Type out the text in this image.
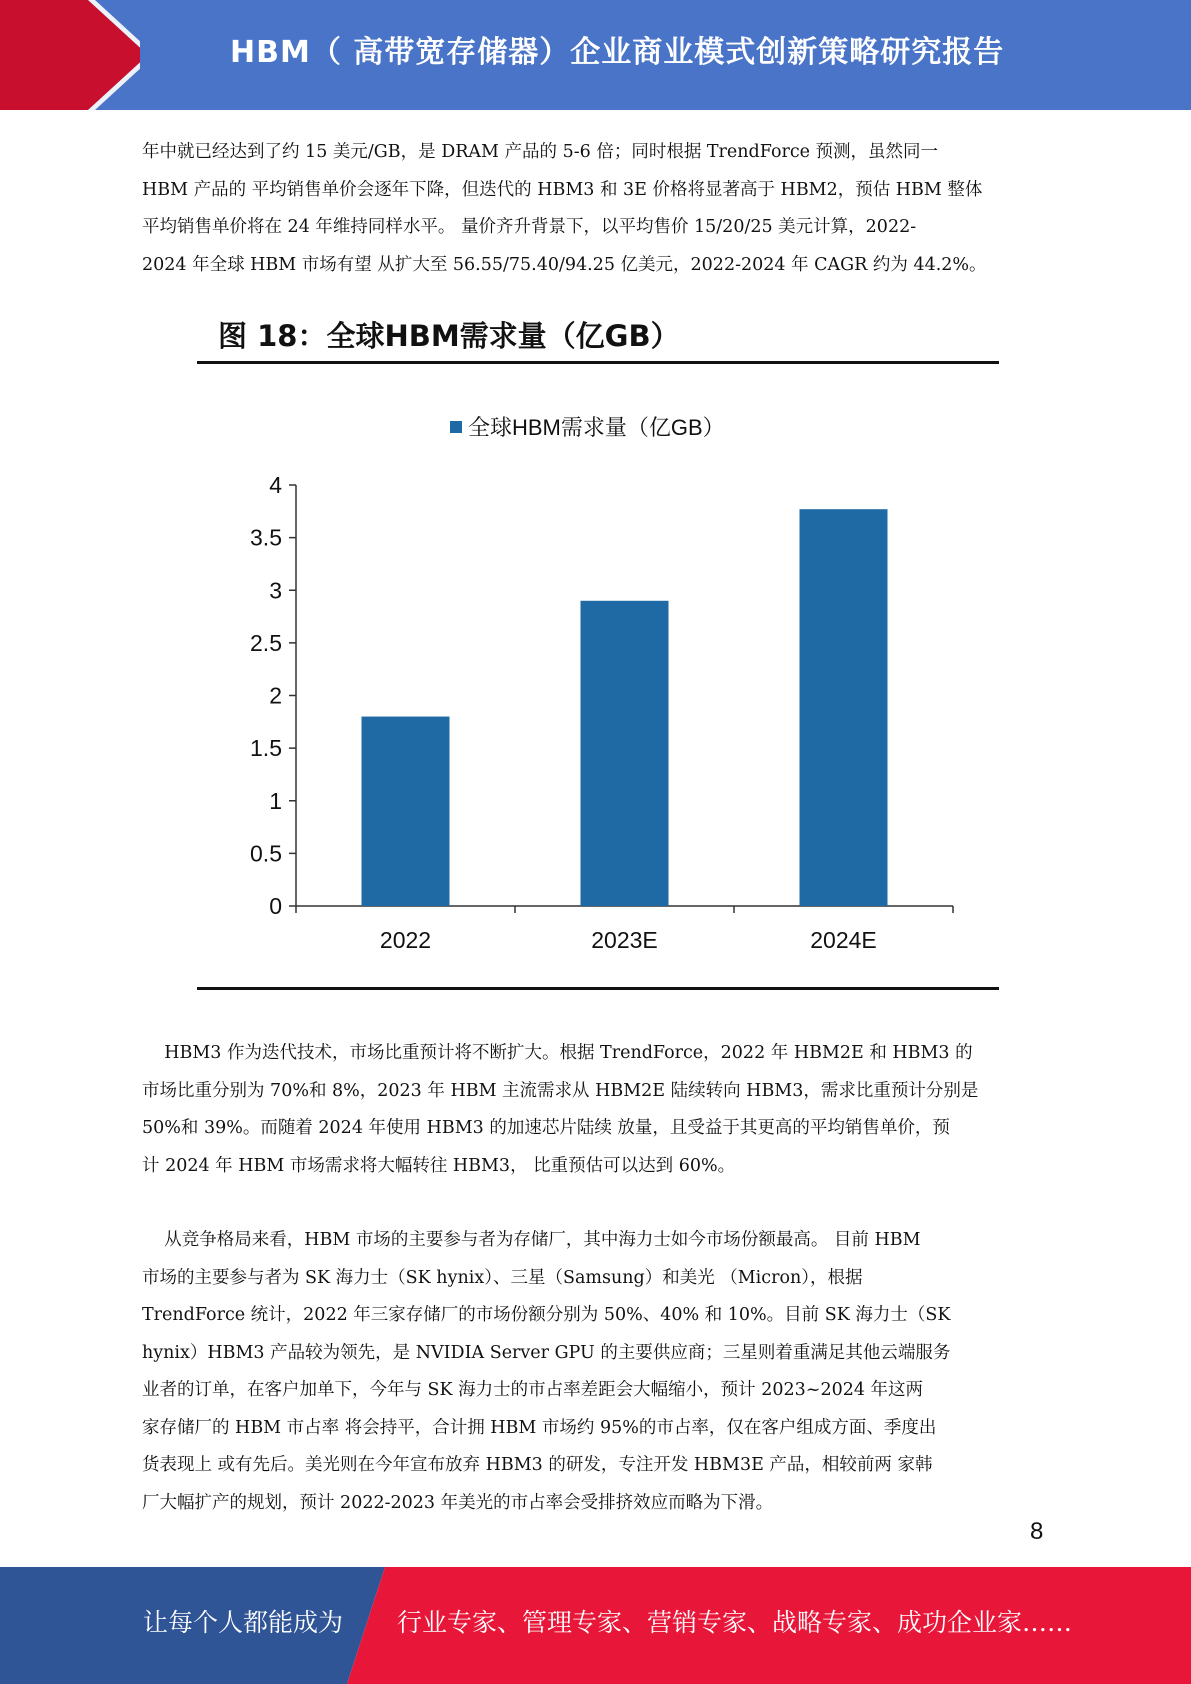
HBM（ 高带宽存储器）企业商业模式创新策略研究报告
年中就已经达到了约 15 美元/GB，是 DRAM 产品的 5-6 倍；同时根据 TrendForce 预测，虽然同一
HBM 产品的 平均销售单价会逐年下降，但迭代的 HBM3 和 3E 价格将显著高于 HBM2，预估 HBM 整体
平均销售单价将在 24 年维持同样水平。 量价齐升背景下，以平均售价 15/20/25 美元计算，2022-
2024 年全球 HBM 市场有望 从扩大至 56.55/75.40/94.25 亿美元，2022-2024 年 CAGR 约为 44.2%。
图 18：全球HBM需求量（亿GB）
全球HBM需求量（亿GB）
0
0.5
1
1.5
2
2.5
3
3.5
4
2022	2023E	2024E
HBM3 作为迭代技术，市场比重预计将不断扩大。根据 TrendForce，2022 年 HBM2E 和 HBM3 的
市场比重分别为 70%和 8%，2023 年 HBM 主流需求从 HBM2E 陆续转向 HBM3，需求比重预计分别是
50%和 39%。而随着 2024 年使用 HBM3 的加速芯片陆续 放量，且受益于其更高的平均销售单价，预
计 2024 年 HBM 市场需求将大幅转往 HBM3， 比重预估可以达到 60%。
从竞争格局来看，HBM 市场的主要参与者为存储厂，其中海力士如今市场份额最高。 目前 HBM
市场的主要参与者为 SK 海力士（SK hynix）、三星（Samsung）和美光 （Micron），根据
TrendForce 统计，2022 年三家存储厂的市场份额分别为 50%、40% 和 10%。目前 SK 海力士（SK
hynix）HBM3 产品较为领先，是 NVIDIA Server GPU 的主要供应商；三星则着重满足其他云端服务
业者的订单，在客户加单下，今年与 SK 海力士的市占率差距会大幅缩小，预计 2023~2024 年这两
家存储厂的 HBM 市占率 将会持平，合计拥 HBM 市场约 95%的市占率，仅在客户组成方面、季度出
货表现上 或有先后。美光则在今年宣布放弃 HBM3 的研发，专注开发 HBM3E 产品，相较前两 家韩
厂大幅扩产的规划，预计 2022-2023 年美光的市占率会受排挤效应而略为下滑。
8
让每个人都能成为 行业专家、管理专家、营销专家、战略专家、成功企业家……
